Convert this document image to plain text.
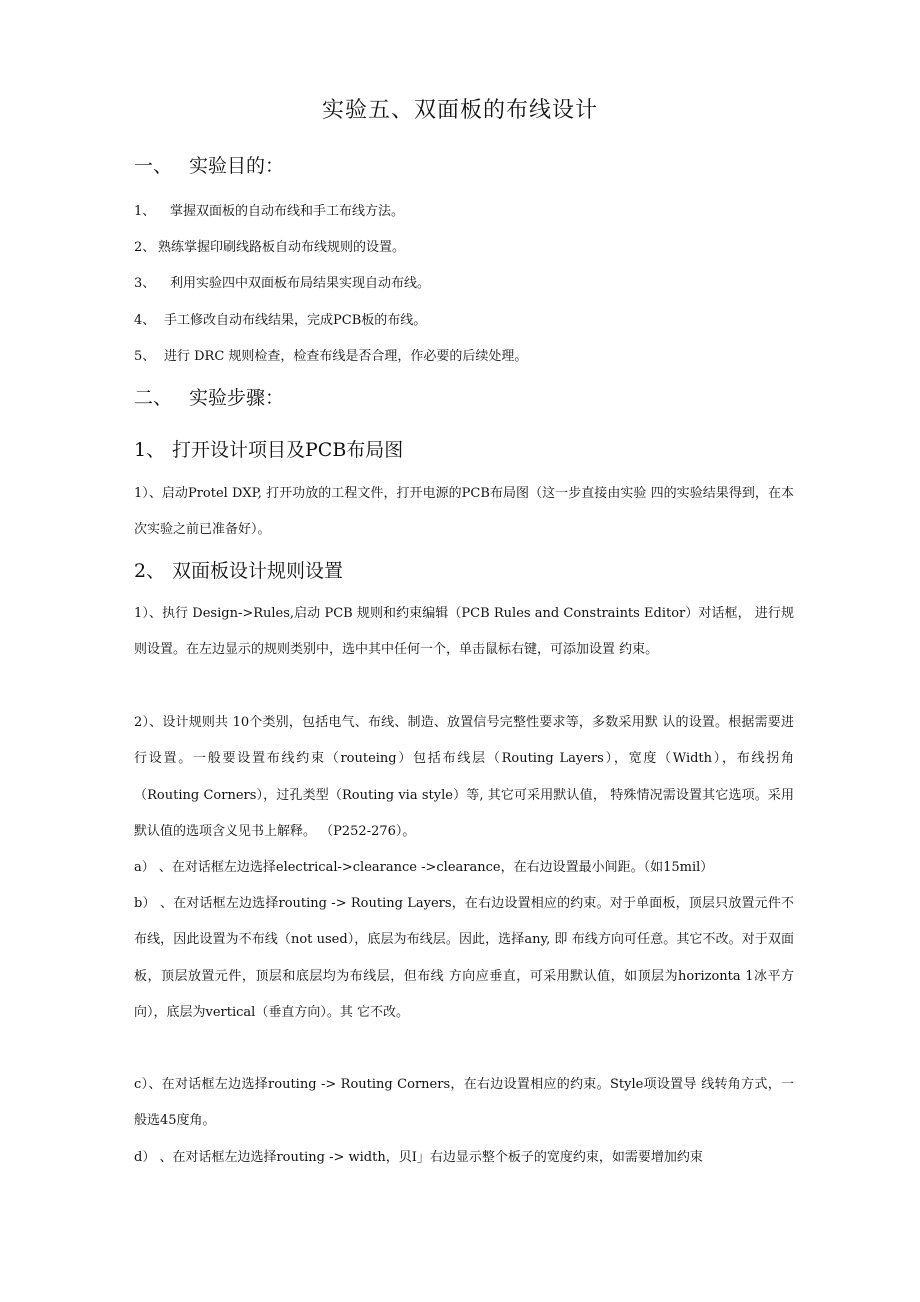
实验五、双面板的布线设计
一、 实验目的：
1、 掌握双面板的自动布线和手工布线方法。
2、 熟练掌握印刷线路板自动布线规则的设置。
3、 利用实验四中双面板布局结果实现自动布线。
4、 手工修改自动布线结果，完成PCB板的布线。
5、 进行 DRC 规则检查，检查布线是否合理，作必要的后续处理。
二、 实验步骤：
1、 打开设计项目及PCB布局图
1）、启动Protel DXP, 打开功放的工程文件，打开电源的PCB布局图（这一步直接由实验 四的实验结果得到，在本次实验之前已准备好）。
2、 双面板设计规则设置
1）、执行 Design->Rules,启动 PCB 规则和约束编辑（PCB Rules and Constraints Editor）对话框， 进行规则设置。在左边显示的规则类别中，选中其中任何一个，单击鼠标右键，可添加设置 约束。
2）、设计规则共 10个类别，包括电气、布线、制造、放置信号完整性要求等，多数采用默 认的设置。根据需要进行设置。一般要设置布线约束（routeing）包括布线层（Routing Layers），宽度（Width），布线拐角（Routing Corners），过孔类型（Routing via style）等, 其它可采用默认值， 特殊情况需设置其它选项。采用默认值的选项含义见书上解释。 （P252-276）。
a） 、在对话框左边选择electrical->clearance ->clearance，在右边设置最小间距。（如15mil）
b） 、在对话框左边选择routing -> Routing Layers，在右边设置相应的约束。对于单面板，顶层只放置元件不布线，因此设置为不布线（not used），底层为布线层。因此，选择any, 即 布线方向可任意。其它不改。对于双面板，顶层放置元件，顶层和底层均为布线层，但布线 方向应垂直，可采用默认值，如顶层为horizonta 1冰平方向），底层为vertical（垂直方向）。其 它不改。
c）、在对话框左边选择routing -> Routing Corners，在右边设置相应的约束。Style项设置导 线转角方式，一般选45度角。
d） 、在对话框左边选择routing -> width，贝I」右边显示整个板子的宽度约束，如需要增加约束
